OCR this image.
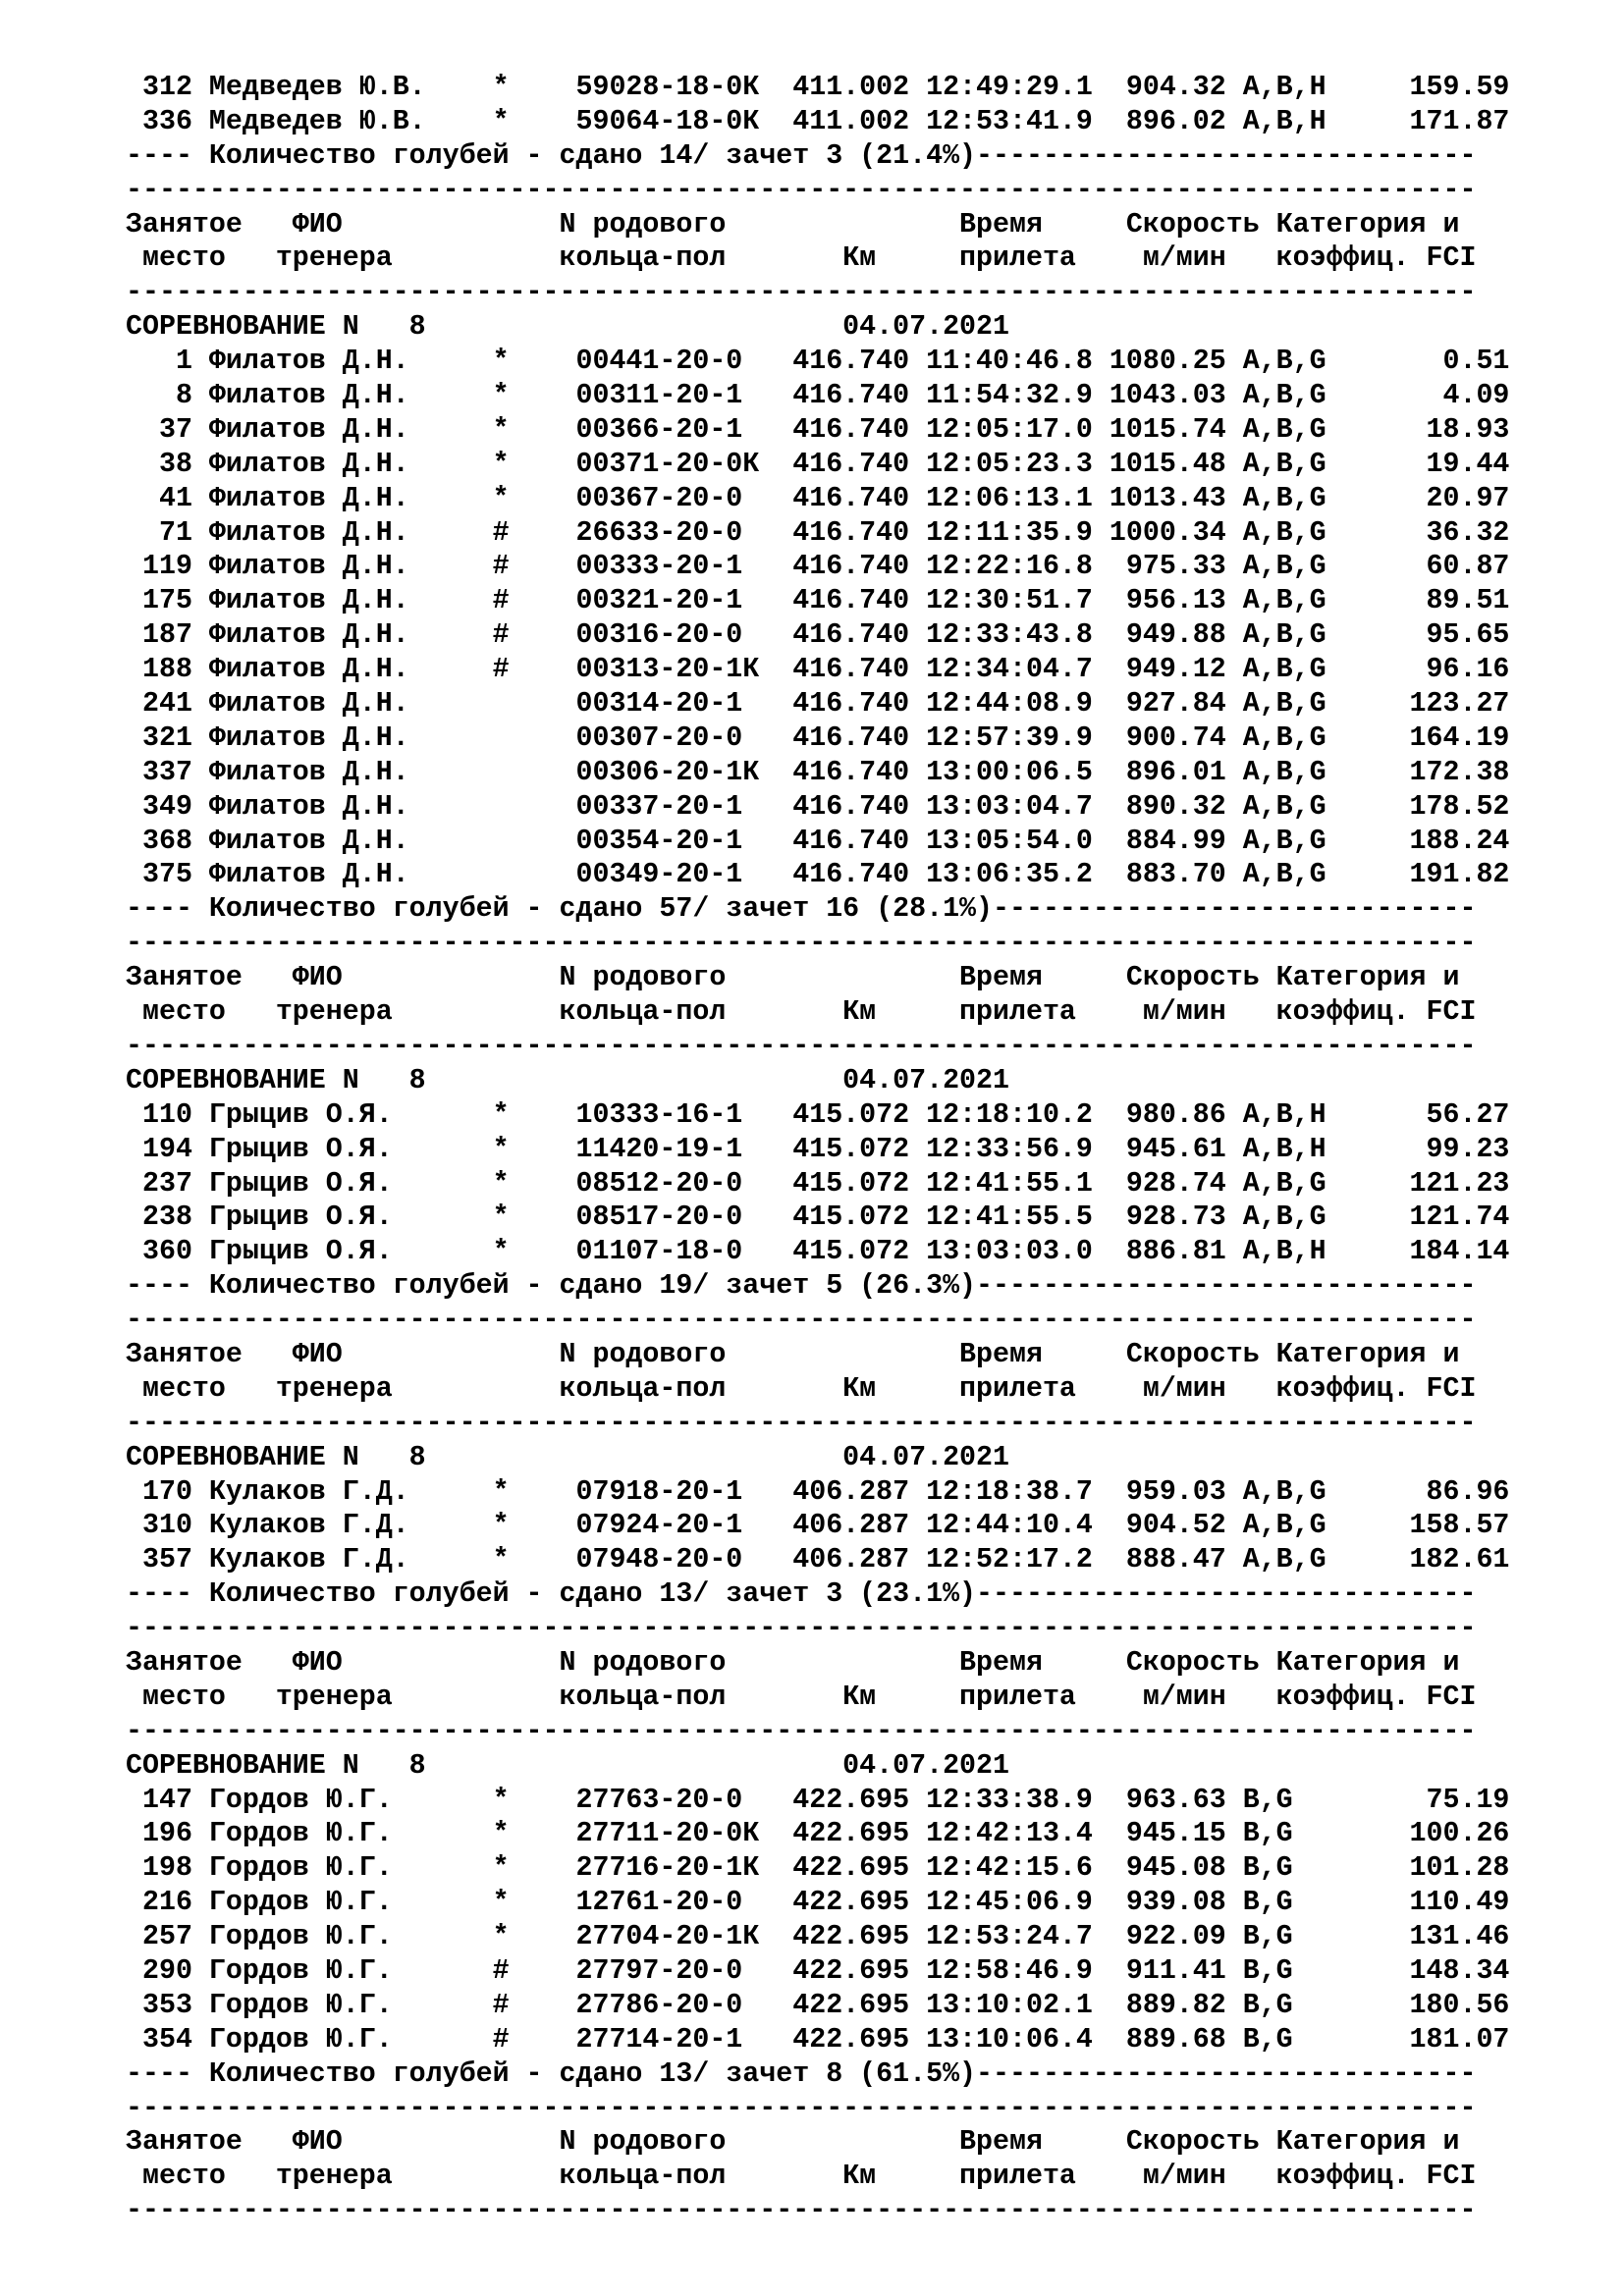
312 Медведев Ю.В.    *    59028-18-0К  411.002 12:49:29.1  904.32 A,B,H     159.59
336 Медведев Ю.В.    *    59064-18-0К  411.002 12:53:41.9  896.02 A,B,H     171.87
---- Количество голубей - сдано 14/ зачет 3 (21.4%)------------------------------
---------------------------------------------------------------------------------
Занятое   ФИО             N родового              Время     Скорость Категория и
место   тренера          кольца-пол       Км     прилета    м/мин   коэффиц. FCI
---------------------------------------------------------------------------------
СОРЕВНОВАНИЕ N   8                         04.07.2021
1 Филатов Д.Н.     *    00441-20-0   416.740 11:40:46.8 1080.25 A,B,G       0.51
8 Филатов Д.Н.     *    00311-20-1   416.740 11:54:32.9 1043.03 A,B,G       4.09
37 Филатов Д.Н.     *    00366-20-1   416.740 12:05:17.0 1015.74 A,B,G      18.93
38 Филатов Д.Н.     *    00371-20-0К  416.740 12:05:23.3 1015.48 A,B,G      19.44
41 Филатов Д.Н.     *    00367-20-0   416.740 12:06:13.1 1013.43 A,B,G      20.97
71 Филатов Д.Н.     #    26633-20-0   416.740 12:11:35.9 1000.34 A,B,G      36.32
119 Филатов Д.Н.     #    00333-20-1   416.740 12:22:16.8  975.33 A,B,G      60.87
175 Филатов Д.Н.     #    00321-20-1   416.740 12:30:51.7  956.13 A,B,G      89.51
187 Филатов Д.Н.     #    00316-20-0   416.740 12:33:43.8  949.88 A,B,G      95.65
188 Филатов Д.Н.     #    00313-20-1К  416.740 12:34:04.7  949.12 A,B,G      96.16
241 Филатов Д.Н.          00314-20-1   416.740 12:44:08.9  927.84 A,B,G     123.27
321 Филатов Д.Н.          00307-20-0   416.740 12:57:39.9  900.74 A,B,G     164.19
337 Филатов Д.Н.          00306-20-1К  416.740 13:00:06.5  896.01 A,B,G     172.38
349 Филатов Д.Н.          00337-20-1   416.740 13:03:04.7  890.32 A,B,G     178.52
368 Филатов Д.Н.          00354-20-1   416.740 13:05:54.0  884.99 A,B,G     188.24
375 Филатов Д.Н.          00349-20-1   416.740 13:06:35.2  883.70 A,B,G     191.82
---- Количество голубей - сдано 57/ зачет 16 (28.1%)-----------------------------
---------------------------------------------------------------------------------
Занятое   ФИО             N родового              Время     Скорость Категория и
место   тренера          кольца-пол       Км     прилета    м/мин   коэффиц. FCI
---------------------------------------------------------------------------------
СОРЕВНОВАНИЕ N   8                         04.07.2021
110 Грыцив О.Я.      *    10333-16-1   415.072 12:18:10.2  980.86 A,B,H      56.27
194 Грыцив О.Я.      *    11420-19-1   415.072 12:33:56.9  945.61 A,B,H      99.23
237 Грыцив О.Я.      *    08512-20-0   415.072 12:41:55.1  928.74 A,B,G     121.23
238 Грыцив О.Я.      *    08517-20-0   415.072 12:41:55.5  928.73 A,B,G     121.74
360 Грыцив О.Я.      *    01107-18-0   415.072 13:03:03.0  886.81 A,B,H     184.14
---- Количество голубей - сдано 19/ зачет 5 (26.3%)------------------------------
---------------------------------------------------------------------------------
Занятое   ФИО             N родового              Время     Скорость Категория и
место   тренера          кольца-пол       Км     прилета    м/мин   коэффиц. FCI
---------------------------------------------------------------------------------
СОРЕВНОВАНИЕ N   8                         04.07.2021
170 Кулаков Г.Д.     *    07918-20-1   406.287 12:18:38.7  959.03 A,B,G      86.96
310 Кулаков Г.Д.     *    07924-20-1   406.287 12:44:10.4  904.52 A,B,G     158.57
357 Кулаков Г.Д.     *    07948-20-0   406.287 12:52:17.2  888.47 A,B,G     182.61
---- Количество голубей - сдано 13/ зачет 3 (23.1%)------------------------------
---------------------------------------------------------------------------------
Занятое   ФИО             N родового              Время     Скорость Категория и
место   тренера          кольца-пол       Км     прилета    м/мин   коэффиц. FCI
---------------------------------------------------------------------------------
СОРЕВНОВАНИЕ N   8                         04.07.2021
147 Гордов Ю.Г.      *    27763-20-0   422.695 12:33:38.9  963.63 B,G        75.19
196 Гордов Ю.Г.      *    27711-20-0К  422.695 12:42:13.4  945.15 B,G       100.26
198 Гордов Ю.Г.      *    27716-20-1К  422.695 12:42:15.6  945.08 B,G       101.28
216 Гордов Ю.Г.      *    12761-20-0   422.695 12:45:06.9  939.08 B,G       110.49
257 Гордов Ю.Г.      *    27704-20-1К  422.695 12:53:24.7  922.09 B,G       131.46
290 Гордов Ю.Г.      #    27797-20-0   422.695 12:58:46.9  911.41 B,G       148.34
353 Гордов Ю.Г.      #    27786-20-0   422.695 13:10:02.1  889.82 B,G       180.56
354 Гордов Ю.Г.      #    27714-20-1   422.695 13:10:06.4  889.68 B,G       181.07
---- Количество голубей - сдано 13/ зачет 8 (61.5%)------------------------------
---------------------------------------------------------------------------------
Занятое   ФИО             N родового              Время     Скорость Категория и
место   тренера          кольца-пол       Км     прилета    м/мин   коэффиц. FCI
---------------------------------------------------------------------------------
